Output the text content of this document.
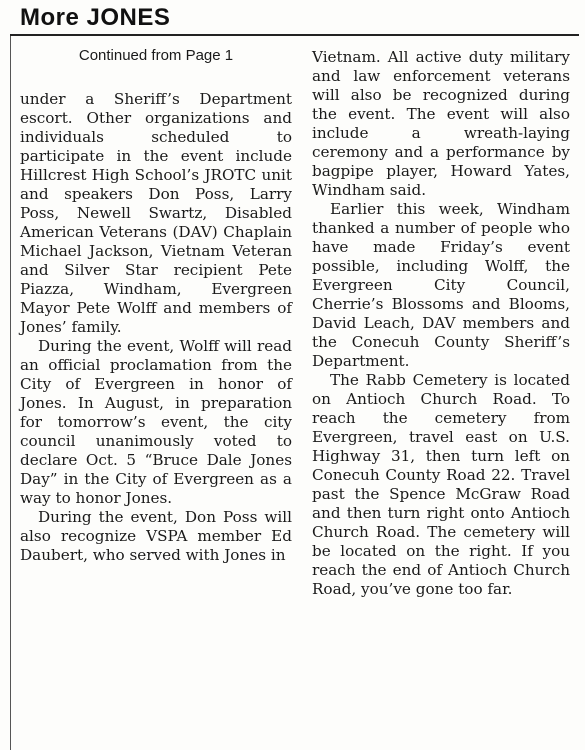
More JONES
Continued from Page 1

under a Sheriff’s Department escort. Other organizations and individuals scheduled to participate in the event include Hillcrest High School’s JROTC unit and speakers Don Poss, Larry Poss, Newell Swartz, Disabled American Veterans (DAV) Chaplain Michael Jackson, Vietnam Veteran and Silver Star recipient Pete Piazza, Windham, Evergreen Mayor Pete Wolff and members of Jones’ family.

During the event, Wolff will read an official proclamation from the City of Evergreen in honor of Jones. In August, in preparation for tomorrow’s event, the city council unanimously voted to declare Oct. 5 “Bruce Dale Jones Day” in the City of Evergreen as a way to honor Jones.

During the event, Don Poss will also recognize VSPA member Ed Daubert, who served with Jones in

Vietnam. All active duty military and law enforcement veterans will also be recognized during the event. The event will also include a wreath-laying ceremony and a performance by bagpipe player, Howard Yates, Windham said.

Earlier this week, Windham thanked a number of people who have made Friday’s event possible, including Wolff, the Evergreen City Council, Cherrie’s Blossoms and Blooms, David Leach, DAV members and the Conecuh County Sheriff’s Department.

The Rabb Cemetery is located on Antioch Church Road. To reach the cemetery from Evergreen, travel east on U.S. Highway 31, then turn left on Conecuh County Road 22. Travel past the Spence McGraw Road and then turn right onto Antioch Church Road. The cemetery will be located on the right. If you reach the end of Antioch Church Road, you’ve gone too far.
